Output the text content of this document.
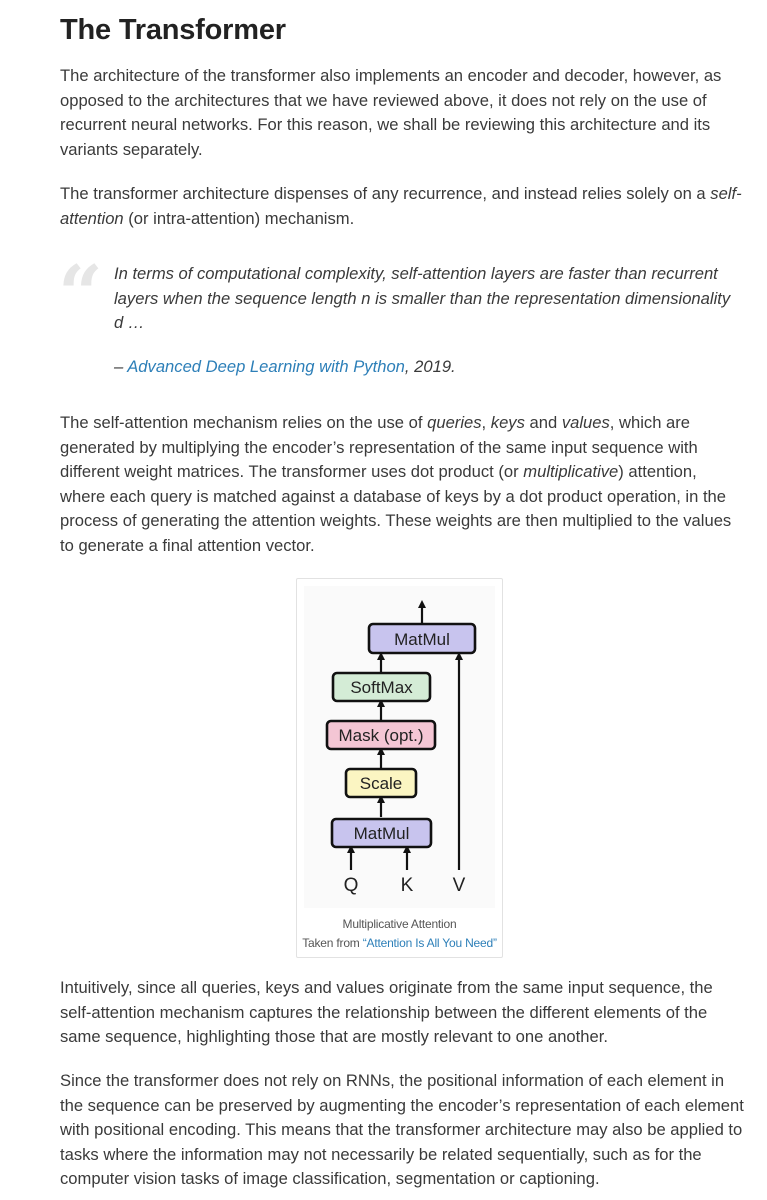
The Transformer

The architecture of the transformer also implements an encoder and decoder, however, as opposed to the architectures that we have reviewed above, it does not rely on the use of recurrent neural networks. For this reason, we shall be reviewing this architecture and its variants separately.

The transformer architecture dispenses of any recurrence, and instead relies solely on a self-attention (or intra-attention) mechanism.

“ In terms of computational complexity, self-attention layers are faster than recurrent layers when the sequence length n is smaller than the representation dimensionality d …

– Advanced Deep Learning with Python, 2019.

The self-attention mechanism relies on the use of queries, keys and values, which are generated by multiplying the encoder’s representation of the same input sequence with different weight matrices. The transformer uses dot product (or multiplicative) attention, where each query is matched against a database of keys by a dot product operation, in the process of generating the attention weights. These weights are then multiplied to the values to generate a final attention vector.

MatMul
SoftMax
Mask (opt.)
Scale
MatMul
Q K V
Multiplicative Attention
Taken from “Attention Is All You Need”

Intuitively, since all queries, keys and values originate from the same input sequence, the self-attention mechanism captures the relationship between the different elements of the same sequence, highlighting those that are mostly relevant to one another.

Since the transformer does not rely on RNNs, the positional information of each element in the sequence can be preserved by augmenting the encoder’s representation of each element with positional encoding. This means that the transformer architecture may also be applied to tasks where the information may not necessarily be related sequentially, such as for the computer vision tasks of image classification, segmentation or captioning.
